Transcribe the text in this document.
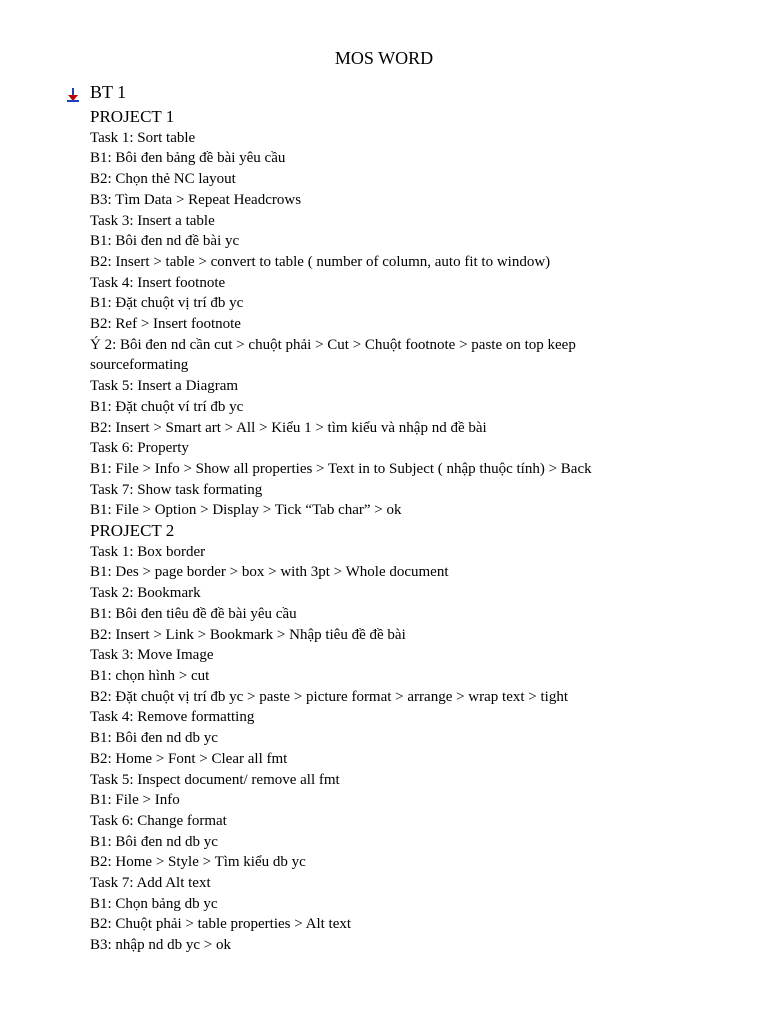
MOS WORD
BT 1
PROJECT 1
Task 1: Sort table
B1: Bôi đen bảng đề bài yêu cầu
B2: Chọn thẻ NC layout
B3: Tìm Data > Repeat Headcrows
Task 3: Insert a table
B1: Bôi đen nd đề bài yc
B2: Insert > table > convert to table ( number of column, auto fit to window)
Task 4: Insert footnote
B1: Đặt chuột vị trí đb yc
B2: Ref > Insert footnote
Ý 2: Bôi đen nd cần cut > chuột phải > Cut > Chuột footnote > paste on top keep
sourceformating
Task 5: Insert a Diagram
B1: Đặt chuột ví trí đb yc
B2: Insert > Smart art > All > Kiểu 1 > tìm kiểu và nhập nd đề bài
Task 6: Property
B1: File > Info > Show all properties > Text in to Subject ( nhập thuộc tính) > Back
Task 7: Show task formating
B1: File > Option > Display > Tick “Tab char” > ok
PROJECT 2
Task 1: Box border
B1: Des > page border > box > with 3pt > Whole document
Task 2: Bookmark
B1: Bôi đen tiêu đề đề bài yêu cầu
B2: Insert > Link > Bookmark > Nhập tiêu đề đề bài
Task 3: Move Image
B1: chọn hình > cut
B2: Đặt chuột vị trí đb yc > paste > picture format > arrange > wrap text > tight
Task 4: Remove formatting
B1: Bôi đen nd db yc
B2: Home > Font > Clear all fmt
Task 5: Inspect document/ remove all fmt
B1: File > Info
Task 6: Change format
B1: Bôi đen nd db yc
B2: Home > Style > Tìm kiểu db yc
Task 7: Add Alt text
B1: Chọn bảng db yc
B2: Chuột phải > table properties > Alt text
B3: nhập nd db yc > ok
